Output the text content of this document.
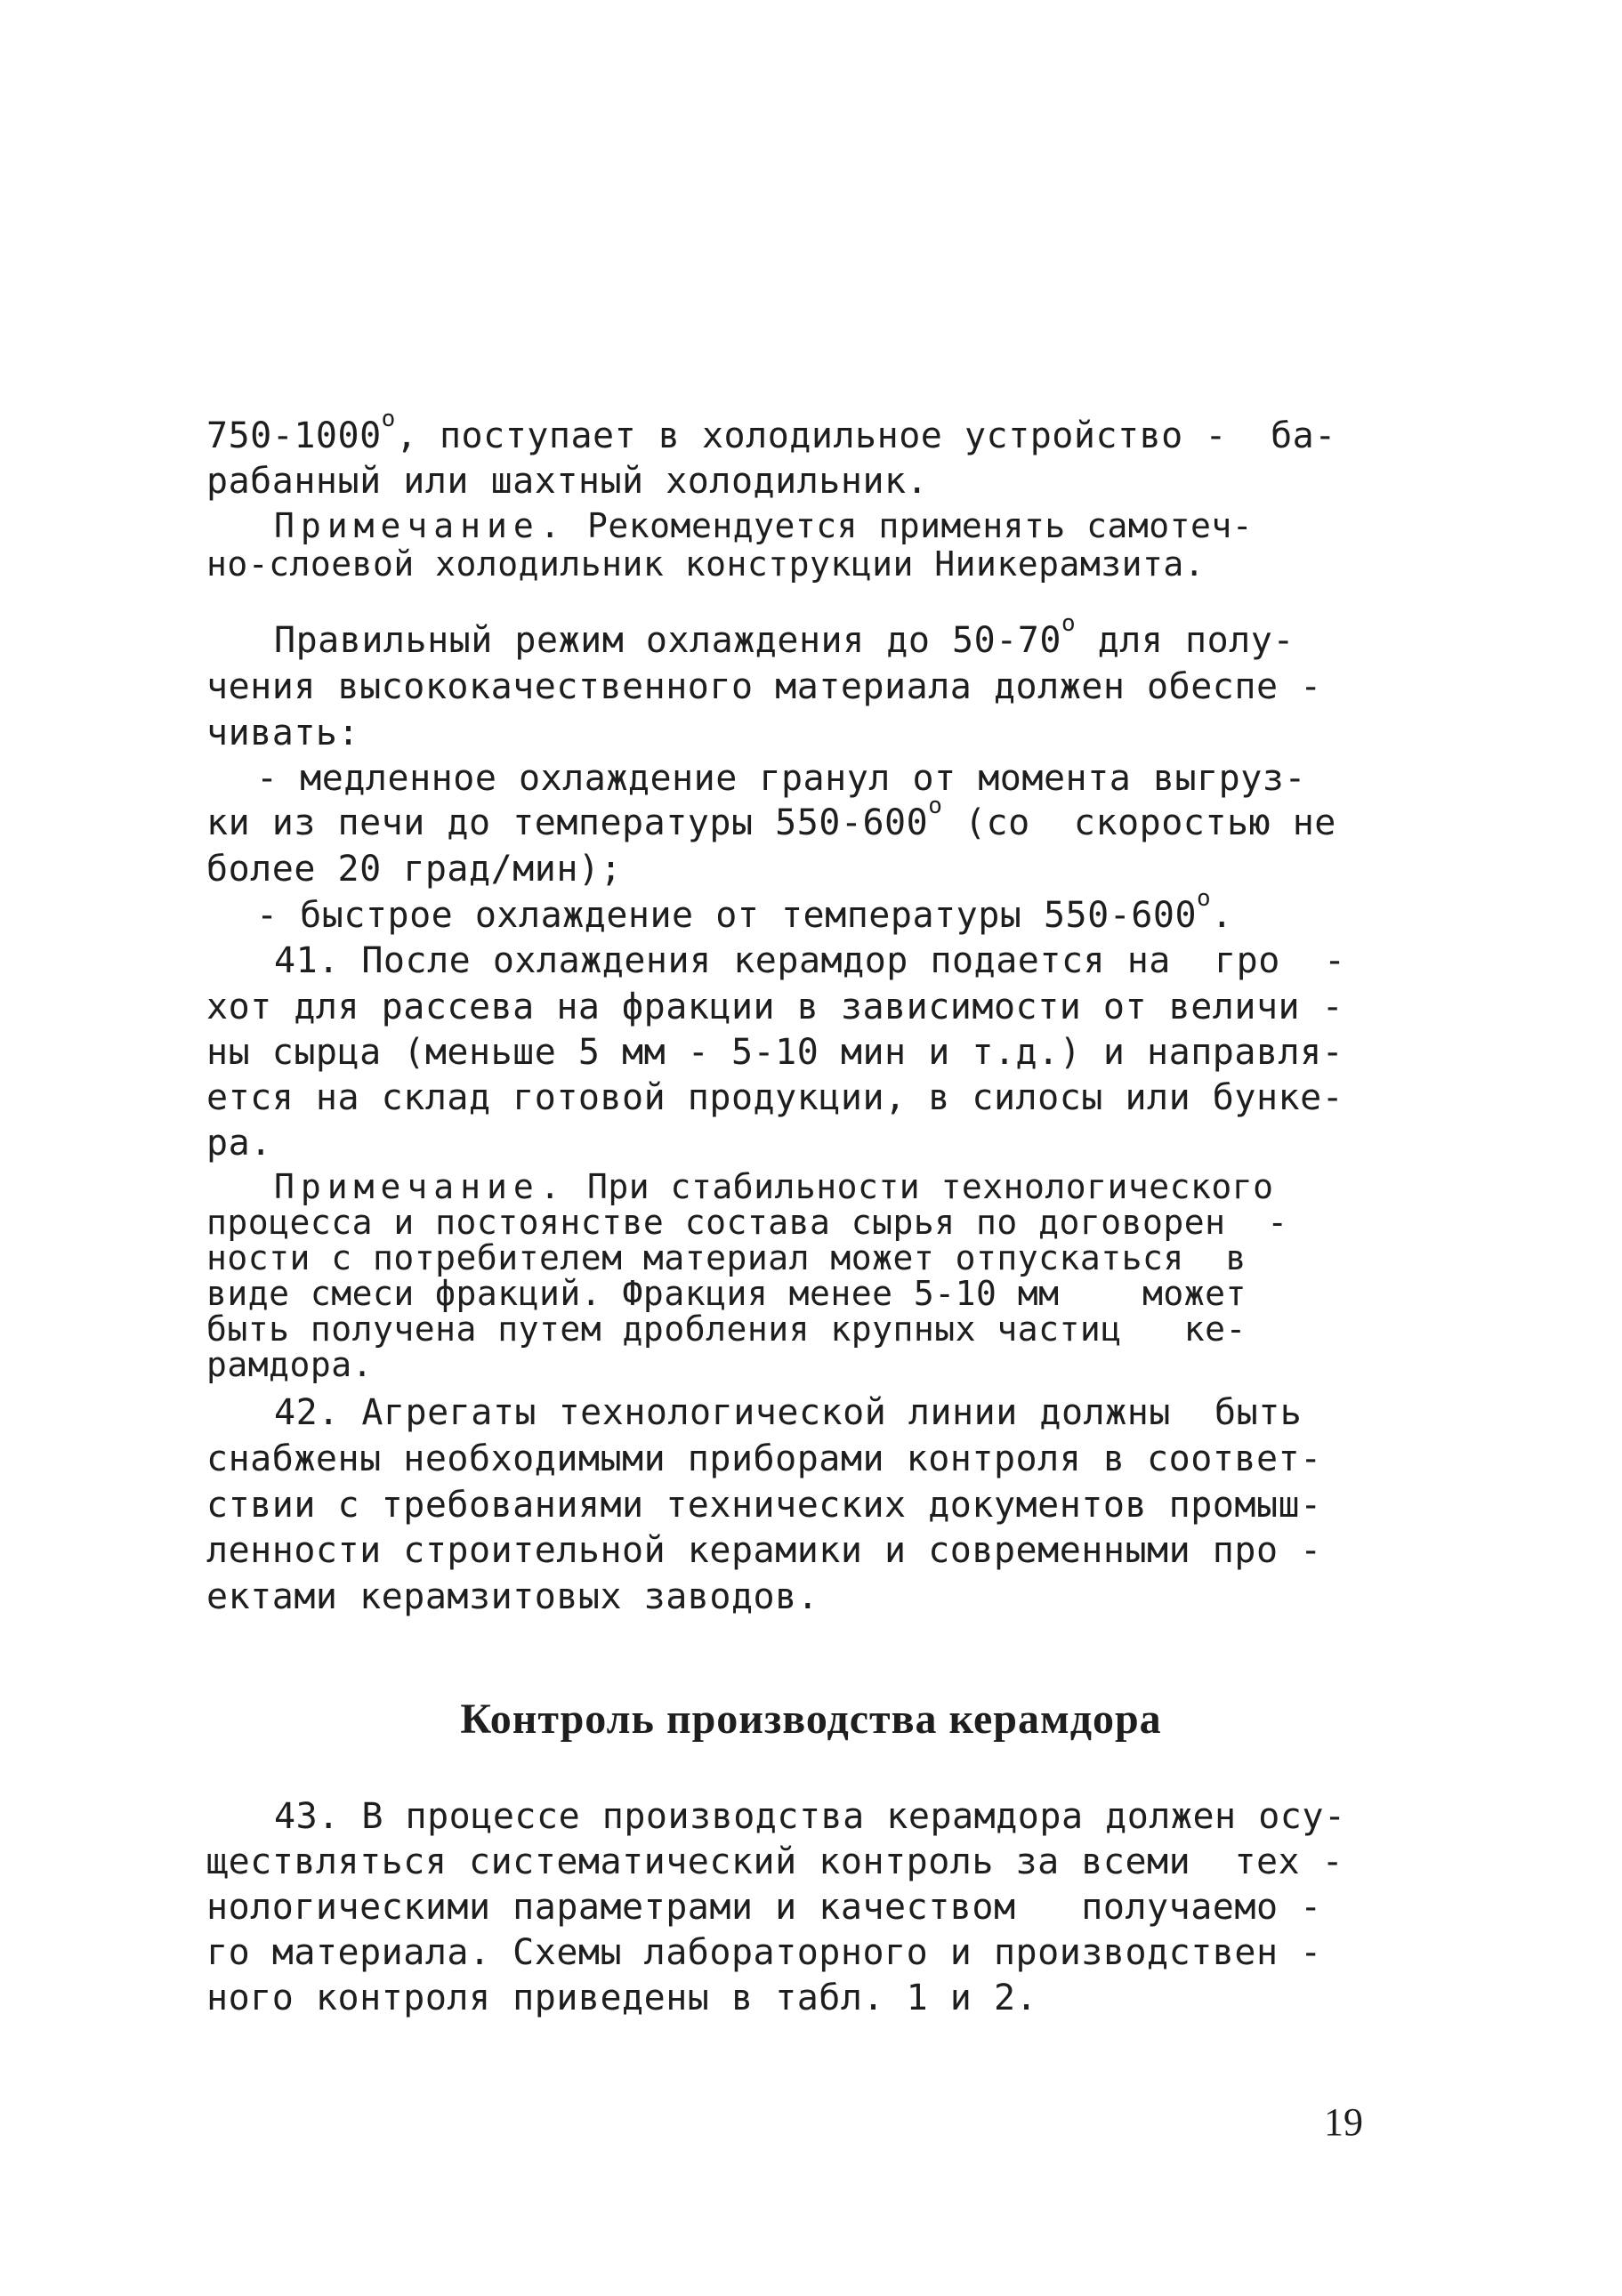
$750-1000^о$, поступает в холодильное устройство -  ба-
рабанный или шахтный холодильник.
Примечание. Рекомендуется применять самотеч-
но-слоевой холодильник конструкции Ниикерамзита.
Правильный режим охлаждения до $50-70^о$ для полу-
чения высококачественного материала должен обеспе -
чивать:
- медленное охлаждение гранул от момента выгруз-
ки из печи до температуры $550-600^о$ (со  скоростью не
более 20 град/мин);
- быстрое охлаждение от температуры $550-600^о$.
41. После охлаждения керамдор подается на  гро  -
хот для рассева на фракции в зависимости от величи -
ны сырца (меньше 5 мм - 5-10 мин и т.д.) и направля-
ется на склад готовой продукции, в силосы или бункe-
ра.
Примечание. При стабильности технологического
процесса и постоянстве состава сырья по договорен  -
ности с потребителем материал может отпускаться  в
виде смеси фракций. Фракция менее 5-10 мм    может
быть получена путем дробления крупных частиц   ке-
рамдора.
42. Агрегаты технологической линии должны  быть
снабжены необходимыми приборами контроля в соответ-
ствии с требованиями технических документов промыш-
ленности строительной керамики и современными про -
ектами керамзитовых заводов.
Контроль производства керамдора
43. В процессе производства керамдора должен осу-
ществляться систематический контроль за всеми  тех -
нологическими параметрами и качеством   получаемо -
го материала. Схемы лабораторного и производствен -
ного контроля приведены в табл. 1 и 2.
19
